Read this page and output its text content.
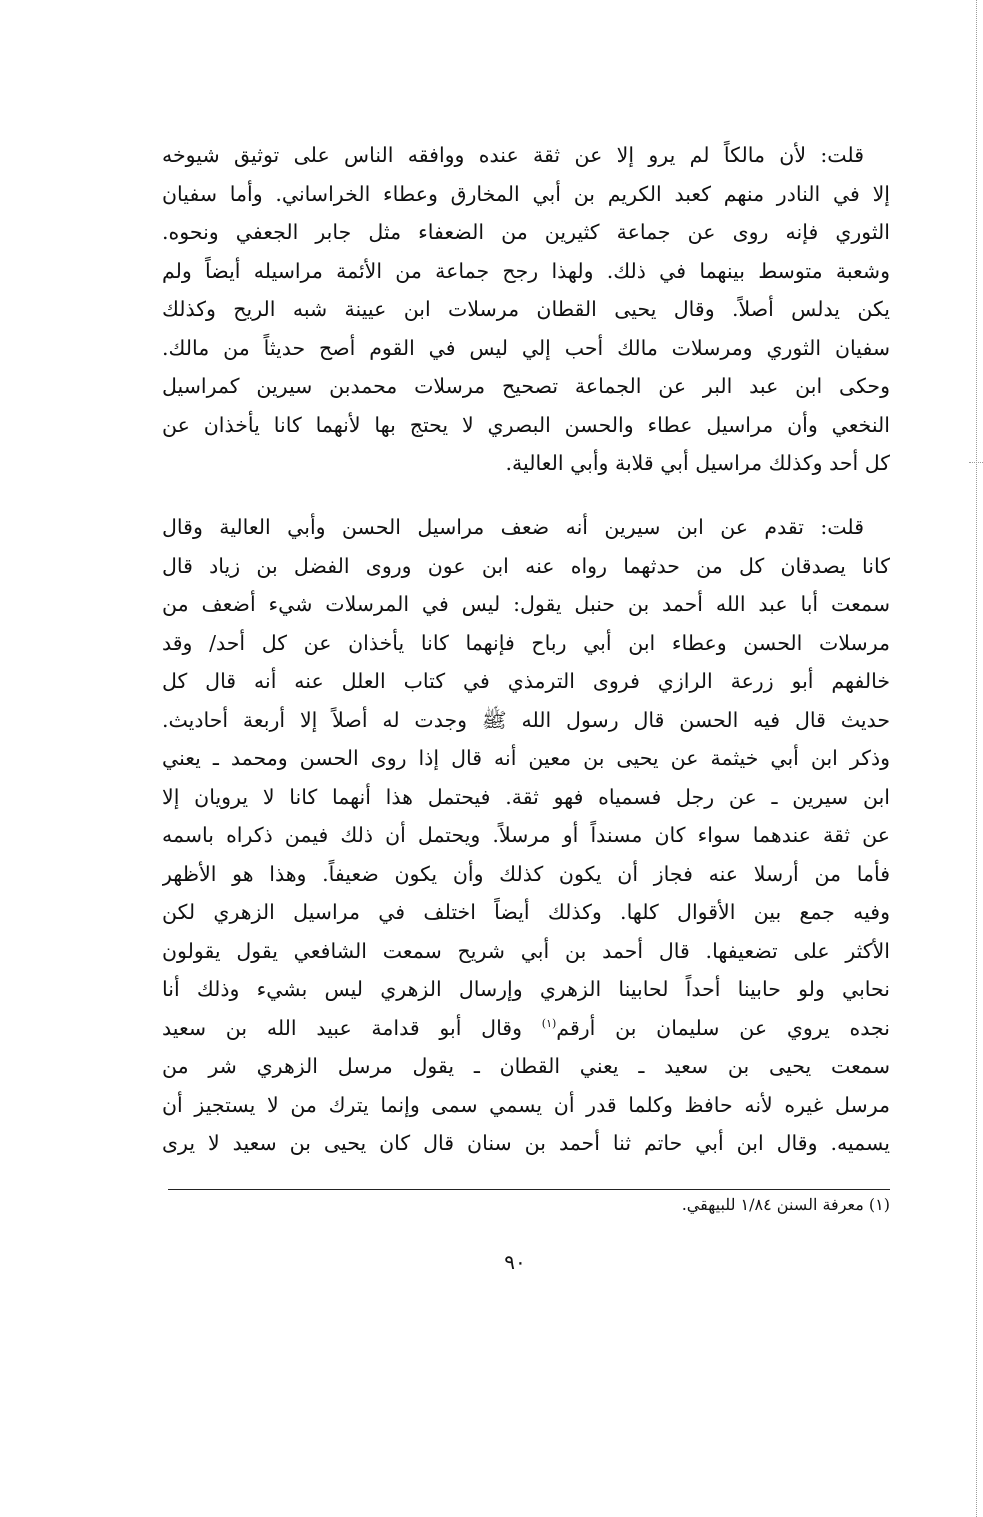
قلت: لأن مالكاً لم يرو إلا عن ثقة عنده ووافقه الناس على توثيق شيوخه
إلا في النادر منهم كعبد الكريم بن أبي المخارق وعطاء الخراساني. وأما سفيان
الثوري فإنه روى عن جماعة كثيرين من الضعفاء مثل جابر الجعفي ونحوه.
وشعبة متوسط بينهما في ذلك. ولهذا رجح جماعة من الأئمة مراسيله أيضاً ولم
يكن يدلس أصلاً. وقال يحيى القطان مرسلات ابن عيينة شبه الريح وكذلك
سفيان الثوري ومرسلات مالك أحب إلي ليس في القوم أصح حديثاً من مالك.
وحكى ابن عبد البر عن الجماعة تصحيح مرسلات محمدبن سيرين كمراسيل
النخعي وأن مراسيل عطاء والحسن البصري لا يحتج بها لأنهما كانا يأخذان عن
كل أحد وكذلك مراسيل أبي قلابة وأبي العالية.
قلت: تقدم عن ابن سيرين أنه ضعف مراسيل الحسن وأبي العالية وقال
كانا يصدقان كل من حدثهما رواه عنه ابن عون وروى الفضل بن زياد قال
سمعت أبا عبد الله أحمد بن حنبل يقول: ليس في المرسلات شيء أضعف من
مرسلات الحسن وعطاء ابن أبي رباح فإنهما كانا يأخذان عن كل أحد/ وقد
خالفهم أبو زرعة الرازي فروى الترمذي في كتاب العلل عنه أنه قال كل
حديث قال فيه الحسن قال رسول الله ﷺ وجدت له أصلاً إلا أربعة أحاديث.
وذكر ابن أبي خيثمة عن يحيى بن معين أنه قال إذا روى الحسن ومحمد ـ يعني
ابن سيرين ـ عن رجل فسمياه فهو ثقة. فيحتمل هذا أنهما كانا لا يرويان إلا
عن ثقة عندهما سواء كان مسنداً أو مرسلاً. ويحتمل أن ذلك فيمن ذكراه باسمه
فأما من أرسلا عنه فجاز أن يكون كذلك وأن يكون ضعيفاً. وهذا هو الأظهر
وفيه جمع بين الأقوال كلها. وكذلك أيضاً اختلف في مراسيل الزهري لكن
الأكثر على تضعيفها. قال أحمد بن أبي شريح سمعت الشافعي يقول يقولون
نحابي ولو حابينا أحداً لحابينا الزهري وإرسال الزهري ليس بشيء وذلك أنا
نجده يروي عن سليمان بن أرقم$^{(١)}$ وقال أبو قدامة عبيد الله بن سعيد
سمعت يحيى بن سعيد ـ يعني القطان ـ يقول مرسل الزهري شر من
مرسل غيره لأنه حافظ وكلما قدر أن يسمي سمى وإنما يترك من لا يستجيز أن
يسميه. وقال ابن أبي حاتم ثنا أحمد بن سنان قال كان يحيى بن سعيد لا يرى
(١) معرفة السنن ١/٨٤ للبيهقي.
٩٠
